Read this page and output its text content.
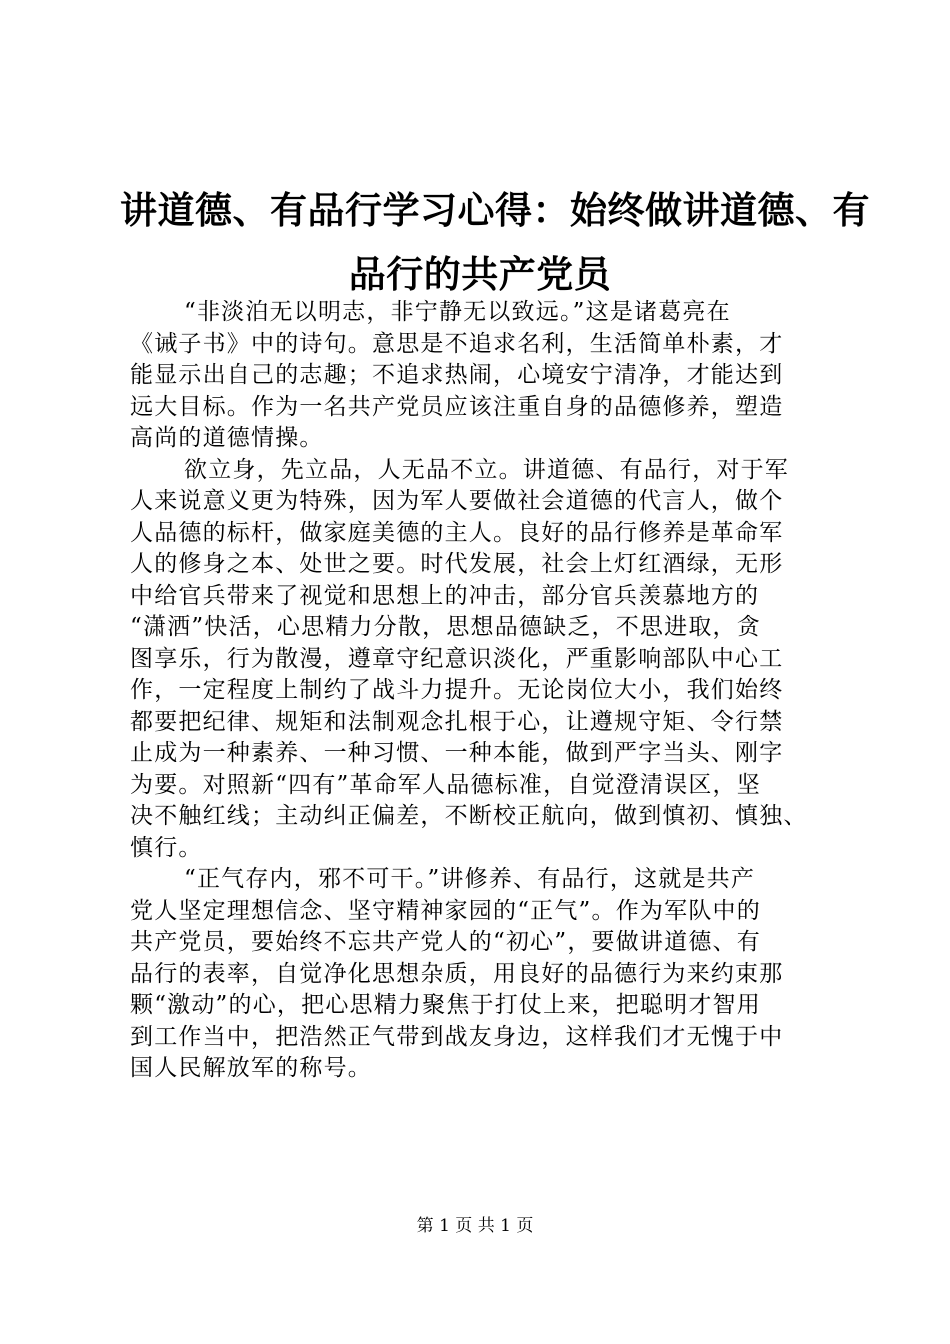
讲道德、有品行学习心得：始终做讲道德、有
品行的共产党员

“非淡泊无以明志，非宁静无以致远。”这是诸葛亮在
《诫子书》中的诗句。意思是不追求名利，生活简单朴素，才
能显示出自己的志趣；不追求热闹，心境安宁清净，才能达到
远大目标。作为一名共产党员应该注重自身的品德修养，塑造
高尚的道德情操。

欲立身，先立品，人无品不立。讲道德、有品行，对于军
人来说意义更为特殊，因为军人要做社会道德的代言人，做个
人品德的标杆，做家庭美德的主人。良好的品行修养是革命军
人的修身之本、处世之要。时代发展，社会上灯红酒绿，无形
中给官兵带来了视觉和思想上的冲击，部分官兵羡慕地方的
“潇洒”快活，心思精力分散，思想品德缺乏，不思进取，贪
图享乐，行为散漫，遵章守纪意识淡化，严重影响部队中心工
作，一定程度上制约了战斗力提升。无论岗位大小，我们始终
都要把纪律、规矩和法制观念扎根于心，让遵规守矩、令行禁
止成为一种素养、一种习惯、一种本能，做到严字当头、刚字
为要。对照新“四有”革命军人品德标准，自觉澄清误区，坚
决不触红线；主动纠正偏差，不断校正航向，做到慎初、慎独、
慎行。

“正气存内，邪不可干。”讲修养、有品行，这就是共产
党人坚定理想信念、坚守精神家园的“正气”。作为军队中的
共产党员，要始终不忘共产党人的“初心”，要做讲道德、有
品行的表率，自觉净化思想杂质，用良好的品德行为来约束那
颗“激动”的心，把心思精力聚焦于打仗上来，把聪明才智用
到工作当中，把浩然正气带到战友身边，这样我们才无愧于中
国人民解放军的称号。

第 1 页 共 1 页
